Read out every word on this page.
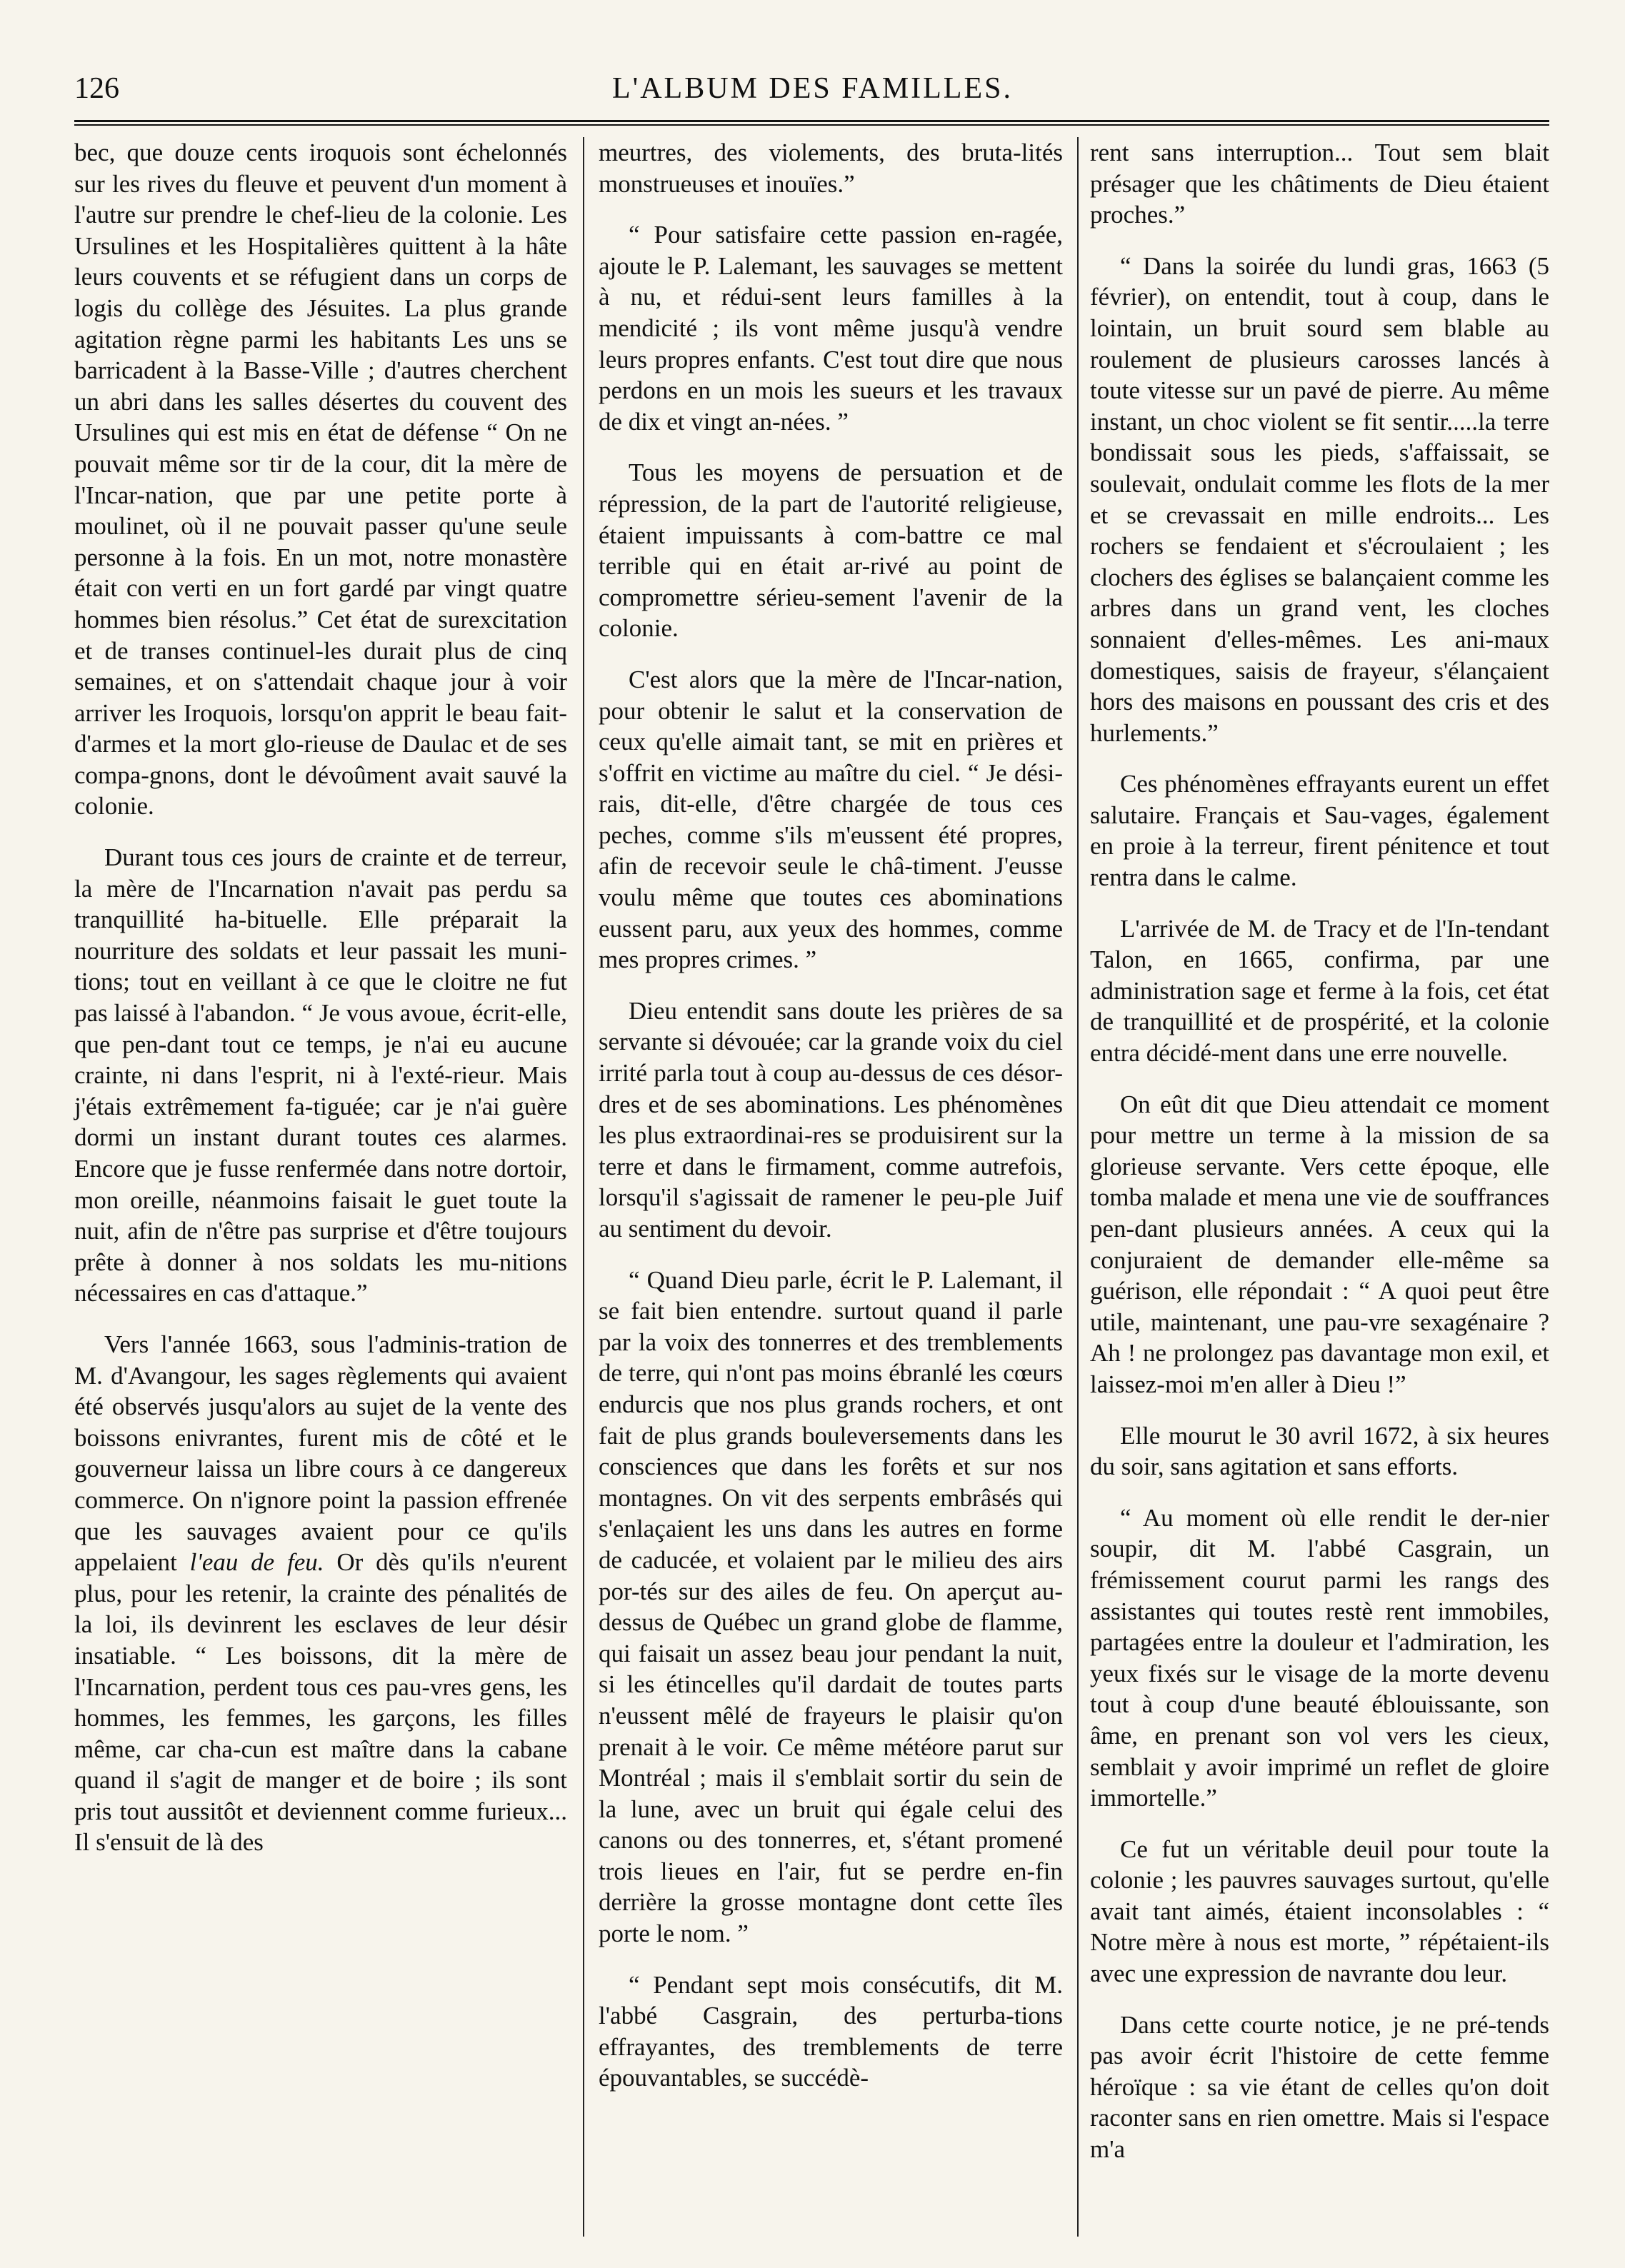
126	L'ALBUM DES FAMILLES.

bec, que douze cents iroquois sont échelonnés sur les rives du fleuve et peuvent d'un moment à l'autre sur prendre le chef-lieu de la colonie. Les Ursulines et les Hospitalières quittent à la hâte leurs couvents et se réfugient dans un corps de logis du collège des Jésuites. La plus grande agitation règne parmi les habitants Les uns se barricadent à la Basse-Ville ; d'autres cherchent un abri dans les salles désertes du couvent des Ursulines qui est mis en état de défense “ On ne pouvait même sor tir de la cour, dit la mère de l'Incar-nation, que par une petite porte à moulinet, où il ne pouvait passer qu'une seule personne à la fois. En un mot, notre monastère était con verti en un fort gardé par vingt quatre hommes bien résolus.” Cet état de surexcitation et de transes continuel-les durait plus de cinq semaines, et on s'attendait chaque jour à voir arriver les Iroquois, lorsqu'on apprit le beau fait-d'armes et la mort glo-rieuse de Daulac et de ses compa-gnons, dont le dévoûment avait sauvé la colonie.

Durant tous ces jours de crainte et de terreur, la mère de l'Incarnation n'avait pas perdu sa tranquillité ha-bituelle. Elle préparait la nourriture des soldats et leur passait les muni-tions; tout en veillant à ce que le cloitre ne fut pas laissé à l'abandon. “ Je vous avoue, écrit-elle, que pen-dant tout ce temps, je n'ai eu aucune crainte, ni dans l'esprit, ni à l'exté-rieur. Mais j'étais extrêmement fa-tiguée; car je n'ai guère dormi un instant durant toutes ces alarmes. Encore que je fusse renfermée dans notre dortoir, mon oreille, néanmoins faisait le guet toute la nuit, afin de n'être pas surprise et d'être toujours prête à donner à nos soldats les mu-nitions nécessaires en cas d'attaque.”

Vers l'année 1663, sous l'adminis-tration de M. d'Avangour, les sages règlements qui avaient été observés jusqu'alors au sujet de la vente des boissons enivrantes, furent mis de côté et le gouverneur laissa un libre cours à ce dangereux commerce. On n'ignore point la passion effrenée que les sauvages avaient pour ce qu'ils appelaient l'eau de feu. Or dès qu'ils n'eurent plus, pour les retenir, la crainte des pénalités de la loi, ils devinrent les esclaves de leur désir insatiable. “ Les boissons, dit la mère de l'Incarnation, perdent tous ces pau-vres gens, les hommes, les femmes, les garçons, les filles même, car cha-cun est maître dans la cabane quand il s'agit de manger et de boire ; ils sont pris tout aussitôt et deviennent comme furieux... Il s'ensuit de là des

meurtres, des violements, des bruta-lités monstrueuses et inouïes.”

“ Pour satisfaire cette passion en-ragée, ajoute le P. Lalemant, les sauvages se mettent à nu, et rédui-sent leurs familles à la mendicité ; ils vont même jusqu'à vendre leurs propres enfants. C'est tout dire que nous perdons en un mois les sueurs et les travaux de dix et vingt an-nées. ”

Tous les moyens de persuation et de répression, de la part de l'autorité religieuse, étaient impuissants à com-battre ce mal terrible qui en était ar-rivé au point de compromettre sérieu-sement l'avenir de la colonie.

C'est alors que la mère de l'Incar-nation, pour obtenir le salut et la conservation de ceux qu'elle aimait tant, se mit en prières et s'offrit en victime au maître du ciel. “ Je dési-rais, dit-elle, d'être chargée de tous ces peches, comme s'ils m'eussent été propres, afin de recevoir seule le châ-timent. J'eusse voulu même que toutes ces abominations eussent paru, aux yeux des hommes, comme mes propres crimes. ”

Dieu entendit sans doute les prières de sa servante si dévouée; car la grande voix du ciel irrité parla tout à coup au-dessus de ces désor-dres et de ses abominations. Les phénomènes les plus extraordinai-res se produisirent sur la terre et dans le firmament, comme autrefois, lorsqu'il s'agissait de ramener le peu-ple Juif au sentiment du devoir.

“ Quand Dieu parle, écrit le P. Lalemant, il se fait bien entendre. surtout quand il parle par la voix des tonnerres et des tremblements de terre, qui n'ont pas moins ébranlé les cœurs endurcis que nos plus grands rochers, et ont fait de plus grands bouleversements dans les consciences que dans les forêts et sur nos montagnes. On vit des serpents embrâsés qui s'enlaçaient les uns dans les autres en forme de caducée, et volaient par le milieu des airs por-tés sur des ailes de feu. On aperçut au-dessus de Québec un grand globe de flamme, qui faisait un assez beau jour pendant la nuit, si les étincelles qu'il dardait de toutes parts n'eussent mêlé de frayeurs le plaisir qu'on prenait à le voir. Ce même météore parut sur Montréal ; mais il s'emblait sortir du sein de la lune, avec un bruit qui égale celui des canons ou des tonnerres, et, s'étant promené trois lieues en l'air, fut se perdre en-fin derrière la grosse montagne dont cette îles porte le nom. ”

“ Pendant sept mois consécutifs, dit M. l'abbé Casgrain, des perturba-tions effrayantes, des tremblements de terre épouvantables, se succédè-

rent sans interruption... Tout sem blait présager que les châtiments de Dieu étaient proches.”

“ Dans la soirée du lundi gras, 1663 (5 février), on entendit, tout à coup, dans le lointain, un bruit sourd sem blable au roulement de plusieurs carosses lancés à toute vitesse sur un pavé de pierre. Au même instant, un choc violent se fit sentir.....la terre bondissait sous les pieds, s'affaissait, se soulevait, ondulait comme les flots de la mer et se crevassait en mille endroits... Les rochers se fendaient et s'écroulaient ; les clochers des églises se balançaient comme les arbres dans un grand vent, les cloches sonnaient d'elles-mêmes. Les ani-maux domestiques, saisis de frayeur, s'élançaient hors des maisons en poussant des cris et des hurlements.”

Ces phénomènes effrayants eurent un effet salutaire. Français et Sau-vages, également en proie à la terreur, firent pénitence et tout rentra dans le calme.

L'arrivée de M. de Tracy et de l'In-tendant Talon, en 1665, confirma, par une administration sage et ferme à la fois, cet état de tranquillité et de prospérité, et la colonie entra décidé-ment dans une erre nouvelle.

On eût dit que Dieu attendait ce moment pour mettre un terme à la mission de sa glorieuse servante. Vers cette époque, elle tomba malade et mena une vie de souffrances pen-dant plusieurs années. A ceux qui la conjuraient de demander elle-même sa guérison, elle répondait : “ A quoi peut être utile, maintenant, une pau-vre sexagénaire ? Ah ! ne prolongez pas davantage mon exil, et laissez-moi m'en aller à Dieu !”

Elle mourut le 30 avril 1672, à six heures du soir, sans agitation et sans efforts.

“ Au moment où elle rendit le der-nier soupir, dit M. l'abbé Casgrain, un frémissement courut parmi les rangs des assistantes qui toutes restè rent immobiles, partagées entre la douleur et l'admiration, les yeux fixés sur le visage de la morte devenu tout à coup d'une beauté éblouissante, son âme, en prenant son vol vers les cieux, semblait y avoir imprimé un reflet de gloire immortelle.”

Ce fut un véritable deuil pour toute la colonie ; les pauvres sauvages surtout, qu'elle avait tant aimés, étaient inconsolables : “ Notre mère à nous est morte, ” répétaient-ils avec une expression de navrante dou leur.

Dans cette courte notice, je ne pré-tends pas avoir écrit l'histoire de cette femme héroïque : sa vie étant de celles qu'on doit raconter sans en rien omettre. Mais si l'espace m'a
